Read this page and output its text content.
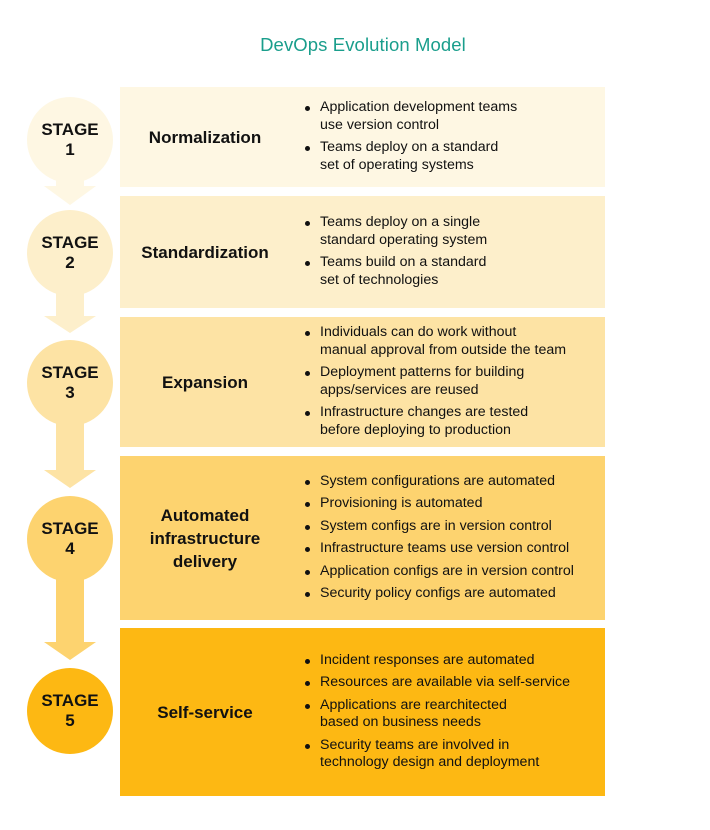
DevOps Evolution Model
STAGE
1
Normalization
Application development teams
use version control
Teams deploy on a standard
set of operating systems
STAGE
2
Standardization
Teams deploy on a single
standard operating system
Teams build on a standard
set of technologies
STAGE
3
Expansion
Individuals can do work without
manual approval from outside the team
Deployment patterns for building
apps/services are reused
Infrastructure changes are tested
before deploying to production
STAGE
4
Automated
infrastructure
delivery
System configurations are automated
Provisioning is automated
System configs are in version control
Infrastructure teams use version control
Application configs are in version control
Security policy configs are automated
STAGE
5	Self-service
Incident responses are automated
Resources are available via self-service
Applications are rearchitected
based on business needs
Security teams are involved in
technology design and deployment
